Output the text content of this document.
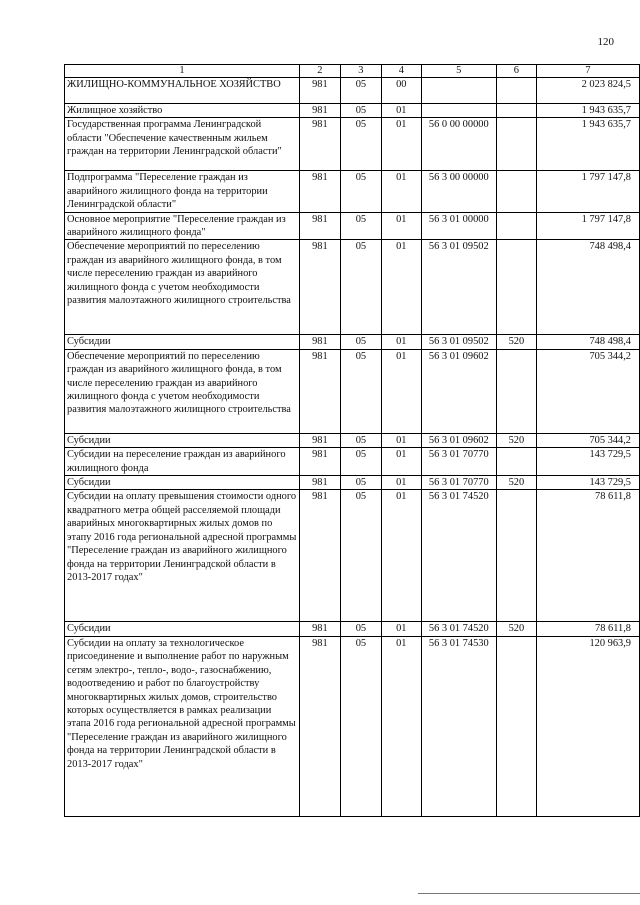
120
1	2	3	4	5	6	7
ЖИЛИЩНО-КОММУНАЛЬНОЕ ХОЗЯЙСТВО	981	05	00			2 023 824,5
Жилищное хозяйство	981	05	01			1 943 635,7
Государственная программа Ленинградской области "Обеспечение качественным жильем граждан на территории Ленинградской области"	981	05	01	56 0 00 00000		1 943 635,7
Подпрограмма "Переселение граждан из аварийного жилищного фонда на территории Ленинградской области"	981	05	01	56 3 00 00000		1 797 147,8
Основное мероприятие "Переселение граждан из аварийного жилищного фонда"	981	05	01	56 3 01 00000		1 797 147,8
Обеспечение мероприятий по переселению граждан из аварийного жилищного фонда, в том числе переселению граждан из аварийного жилищного фонда с учетом необходимости развития малоэтажного жилищного строительства	981	05	01	56 3 01 09502		748 498,4
Субсидии	981	05	01	56 3 01 09502	520	748 498,4
Обеспечение мероприятий по переселению граждан из аварийного жилищного фонда, в том числе переселению граждан из аварийного жилищного фонда с учетом необходимости развития малоэтажного жилищного строительства	981	05	01	56 3 01 09602		705 344,2
Субсидии	981	05	01	56 3 01 09602	520	705 344,2
Субсидии на переселение граждан из аварийного жилищного фонда	981	05	01	56 3 01 70770		143 729,5
Субсидии	981	05	01	56 3 01 70770	520	143 729,5
Субсидии на оплату превышения стоимости одного квадратного метра общей расселяемой площади аварийных многоквартирных жилых домов по этапу 2016 года региональной адресной программы "Переселение граждан из аварийного жилищного фонда на территории Ленинградской области в 2013-2017 годах"	981	05	01	56 3 01 74520		78 611,8
Субсидии	981	05	01	56 3 01 74520	520	78 611,8
Субсидии на оплату за технологическое присоединение и выполнение работ по наружным сетям электро-, тепло-, водо-, газоснабжению, водоотведению и работ по благоустройству многоквартирных жилых домов, строительство которых осуществляется в рамках реализации этапа 2016 года региональной адресной программы "Переселение граждан из аварийного жилищного фонда на территории Ленинградской области в 2013-2017 годах"	981	05	01	56 3 01 74530		120 963,9
